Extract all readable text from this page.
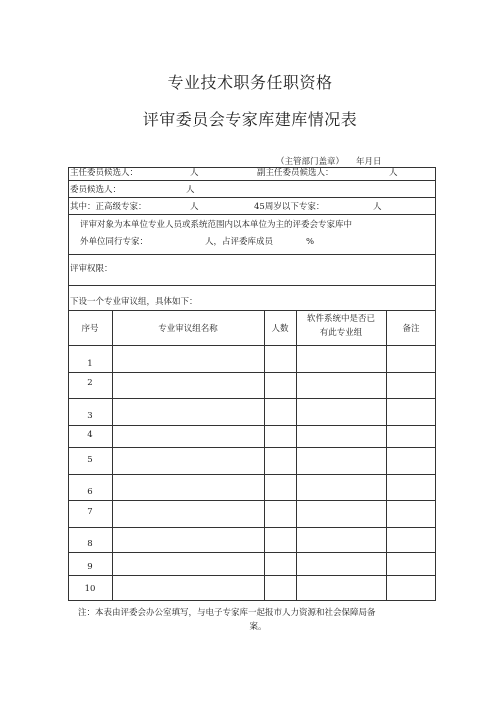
专业技术职务任职资格
评审委员会专家库建库情况表
（主管部门盖章） 年月日
主任委员候选人：	人	副主任委员候选人：	人
委员候选人：	人
其中：正高级专家：	人	45周岁以下专家：	人
评审对象为本单位专业人员或系统范围内以本单位为主的评委会专家库中
外单位同行专家：	人，占评委库成员	%
评审权限：
下设一个专业审议组，具体如下：
序号	专业审议组名称	人数
软件系统中是否已
有此专业组	备注
1
2
3
4
5
6
7
8
9
10
注：本表由评委会办公室填写，与电子专家库一起报市人力资源和社会保障局备
案。
